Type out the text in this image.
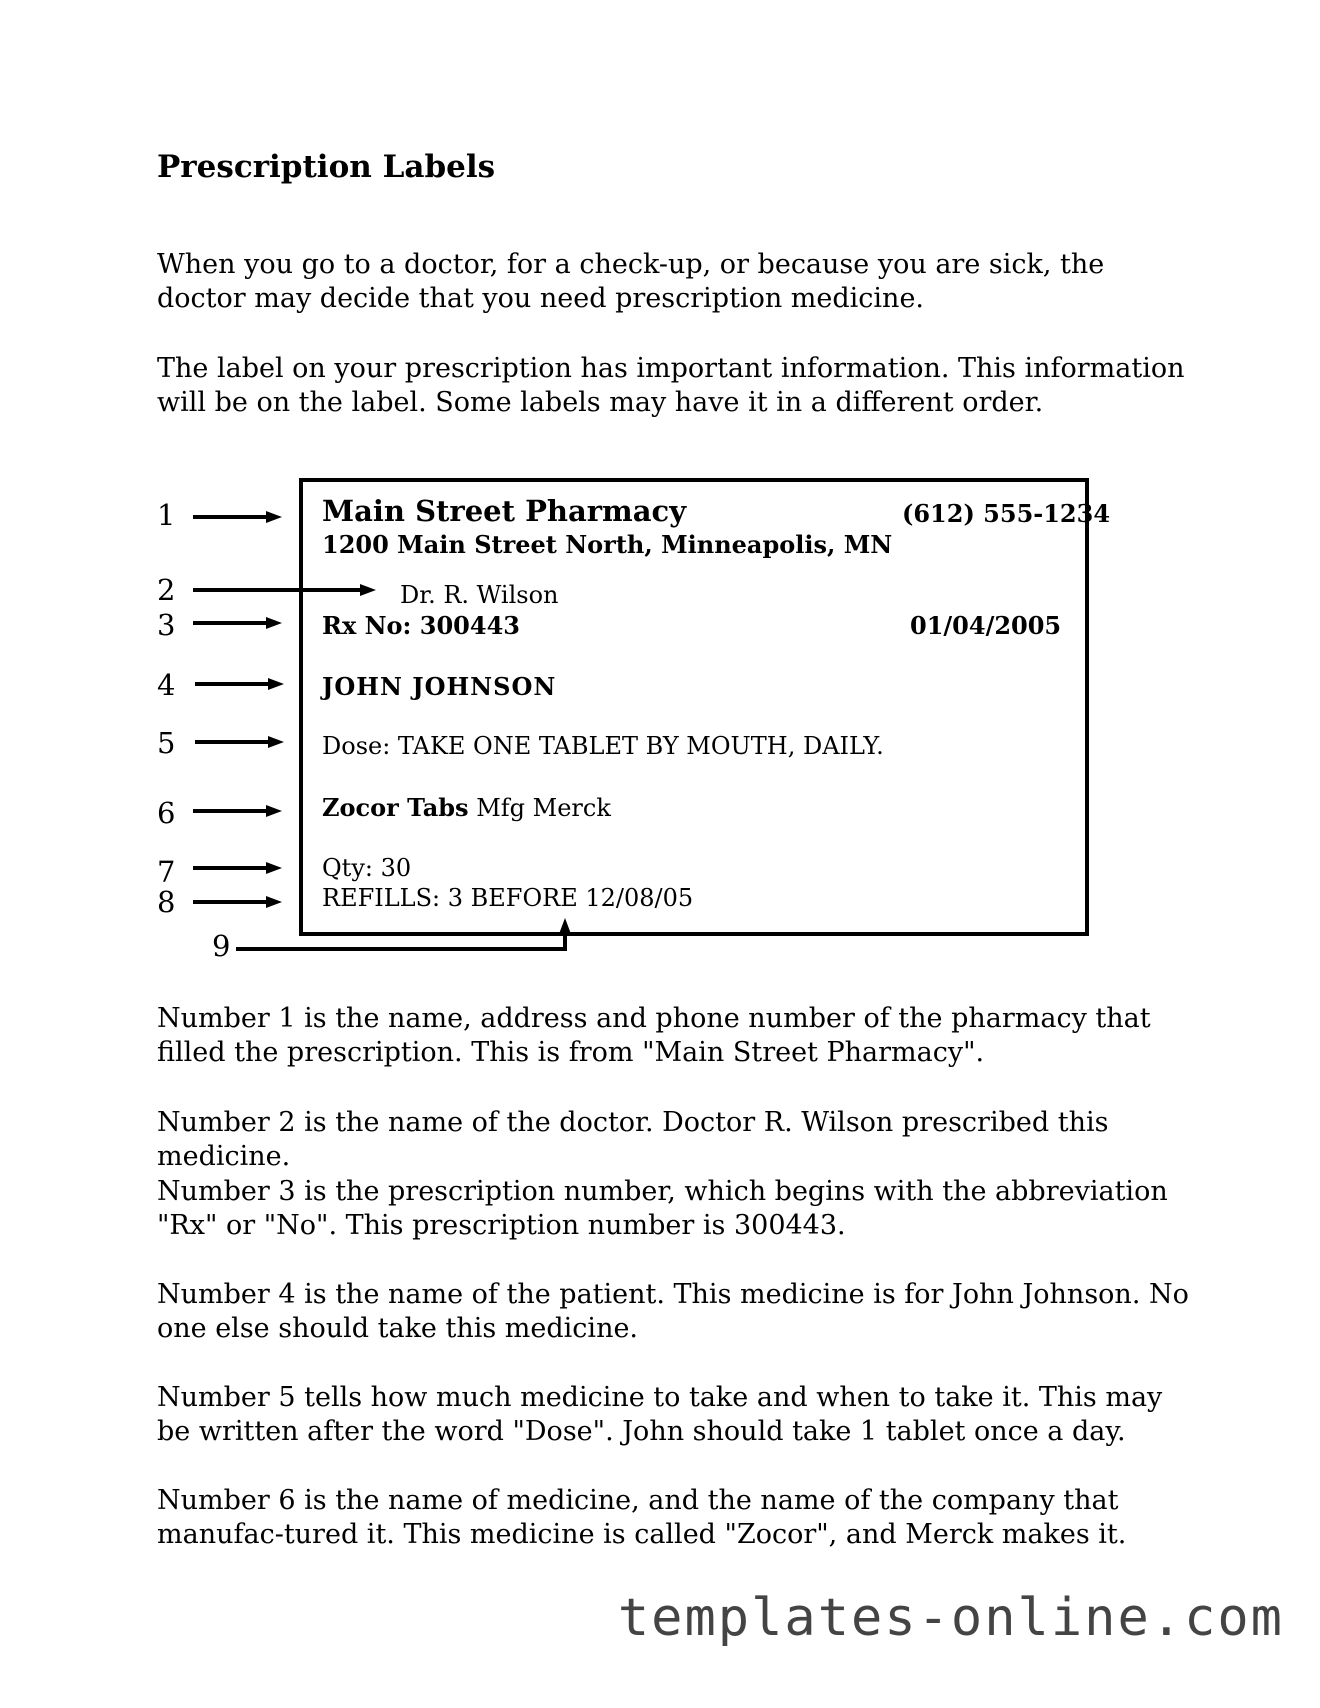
Prescription Labels

When you go to a doctor, for a check-up, or because you are sick, the doctor may decide that you need prescription medicine.

The label on your prescription has important information. This information will be on the label. Some labels may have it in a different order.

Main Street Pharmacy	(612) 555-1234
1200 Main Street North, Minneapolis, MN
Dr. R. Wilson
Rx No: 300443	01/04/2005
JOHN JOHNSON
Dose: TAKE ONE TABLET BY MOUTH, DAILY.
Zocor Tabs Mfg Merck
Qty: 30
REFILLS: 3 BEFORE 12/08/05
1
2
3
4
5
6
7
8
9

Number 1 is the name, address and phone number of the pharmacy that filled the prescription. This is from "Main Street Pharmacy".

Number 2 is the name of the doctor. Doctor R. Wilson prescribed this medicine.

Number 3 is the prescription number, which begins with the abbreviation "Rx" or "No". This prescription number is 300443.

Number 4 is the name of the patient. This medicine is for John Johnson. No one else should take this medicine.

Number 5 tells how much medicine to take and when to take it. This may be written after the word "Dose". John should take 1 tablet once a day.

Number 6 is the name of medicine, and the name of the company that manufac-tured it. This medicine is called "Zocor", and Merck makes it.

templates-online.com
